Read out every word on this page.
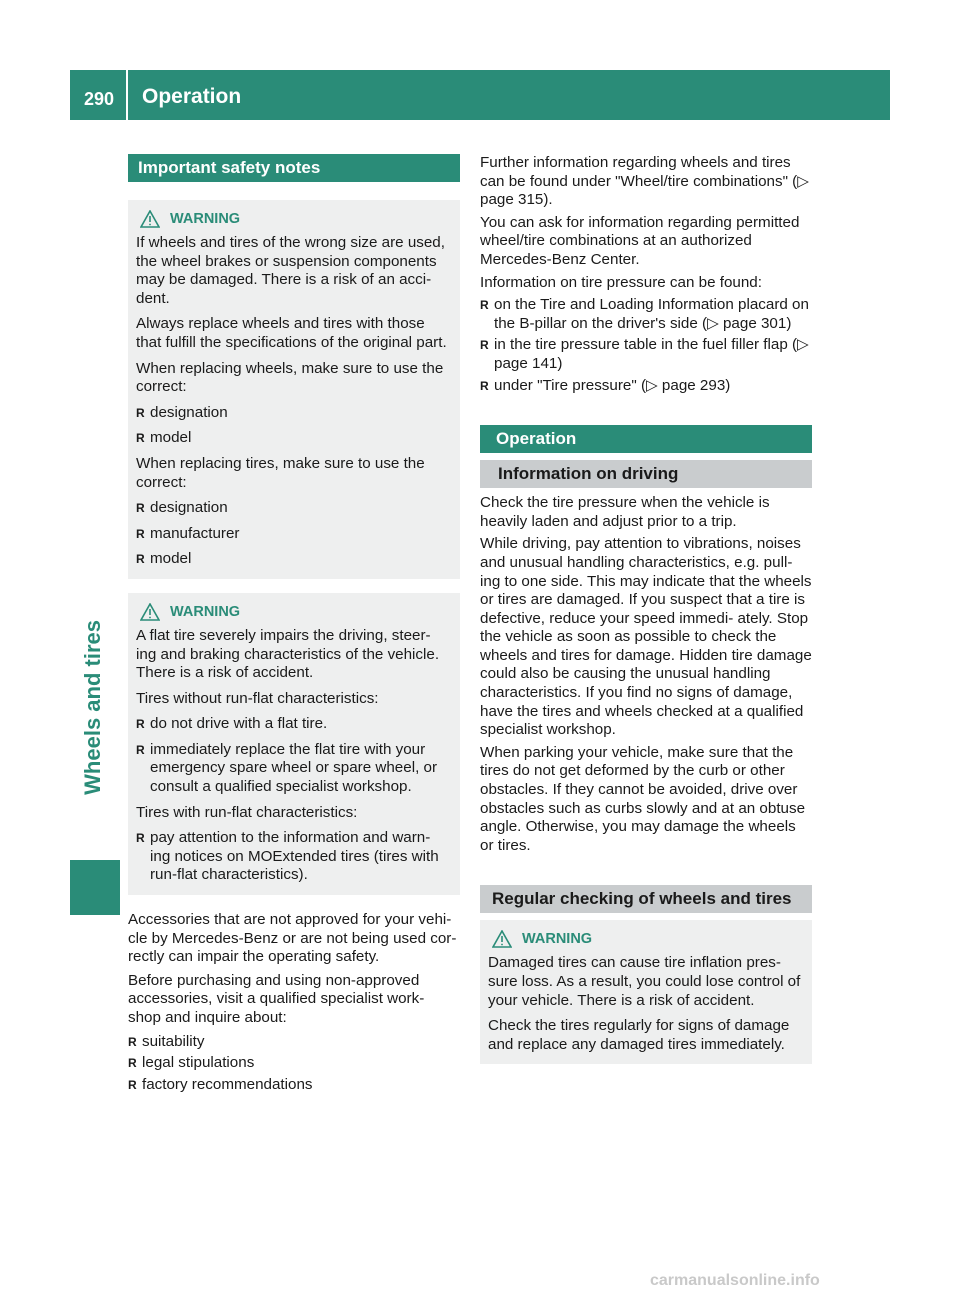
290 Operation
Wheels and tires
Important safety notes
WARNING
If wheels and tires of the wrong size are used, the wheel brakes or suspension components may be damaged. There is a risk of an acci- dent.
Always replace wheels and tires with those that fulfill the specifications of the original part.
When replacing wheels, make sure to use the correct:
R designation
R model
When replacing tires, make sure to use the correct:
R designation
R manufacturer
R model
WARNING
A flat tire severely impairs the driving, steer- ing and braking characteristics of the vehicle. There is a risk of accident.
Tires without run-flat characteristics:
R do not drive with a flat tire.
R immediately replace the flat tire with your emergency spare wheel or spare wheel, or consult a qualified specialist workshop.
Tires with run-flat characteristics:
R pay attention to the information and warn- ing notices on MOExtended tires (tires with run-flat characteristics).
Accessories that are not approved for your vehi- cle by Mercedes-Benz or are not being used cor- rectly can impair the operating safety.
Before purchasing and using non-approved accessories, visit a qualified specialist work- shop and inquire about:
R suitability
R legal stipulations
R factory recommendations
Further information regarding wheels and tires can be found under "Wheel/tire combinations" (▷ page 315).
You can ask for information regarding permitted wheel/tire combinations at an authorized Mercedes-Benz Center.
Information on tire pressure can be found:
R on the Tire and Loading Information placard on the B-pillar on the driver's side (▷ page 301)
R in the tire pressure table in the fuel filler flap (▷ page 141)
R under "Tire pressure" (▷ page 293)
Operation
Information on driving
Check the tire pressure when the vehicle is heavily laden and adjust prior to a trip.
While driving, pay attention to vibrations, noises and unusual handling characteristics, e.g. pull- ing to one side. This may indicate that the wheels or tires are damaged. If you suspect that a tire is defective, reduce your speed immedi- ately. Stop the vehicle as soon as possible to check the wheels and tires for damage. Hidden tire damage could also be causing the unusual handling characteristics. If you find no signs of damage, have the tires and wheels checked at a qualified specialist workshop.
When parking your vehicle, make sure that the tires do not get deformed by the curb or other obstacles. If they cannot be avoided, drive over obstacles such as curbs slowly and at an obtuse angle. Otherwise, you may damage the wheels or tires.
Regular checking of wheels and tires
WARNING
Damaged tires can cause tire inflation pres- sure loss. As a result, you could lose control of your vehicle. There is a risk of accident.
Check the tires regularly for signs of damage and replace any damaged tires immediately.
carmanualsonline.info
